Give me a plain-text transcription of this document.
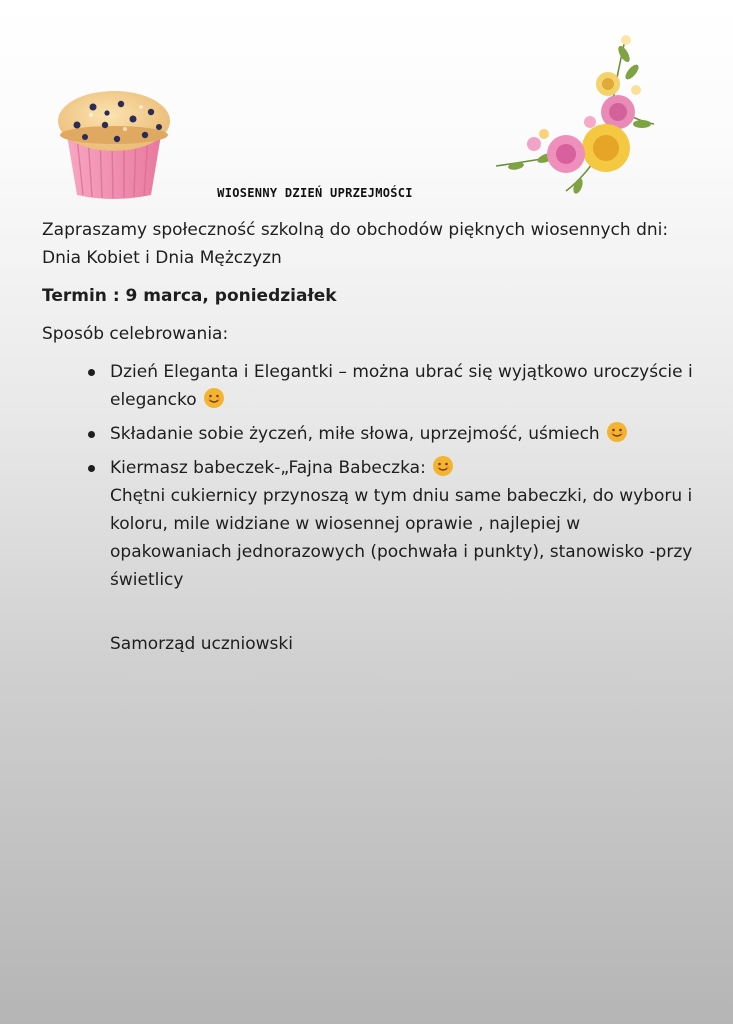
WIOSENNY DZIEŃ UPRZEJMOŚCI

Zapraszamy społeczność szkolną do obchodów pięknych wiosennych dni: Dnia Kobiet i Dnia Mężczyzn

Termin : 9 marca, poniedziałek

Sposób celebrowania:

Dzień Eleganta i Elegantki – można ubrać się wyjątkowo uroczyście i elegancko
Składanie sobie życzeń, miłe słowa, uprzejmość, uśmiech
Kiermasz babeczek-„Fajna Babeczka:
Chętni cukiernicy przynoszą w tym dniu same babeczki, do wyboru i koloru, mile widziane w wiosennej oprawie , najlepiej w opakowaniach jednorazowych (pochwała i punkty), stanowisko -przy świetlicy

Samorząd uczniowski
